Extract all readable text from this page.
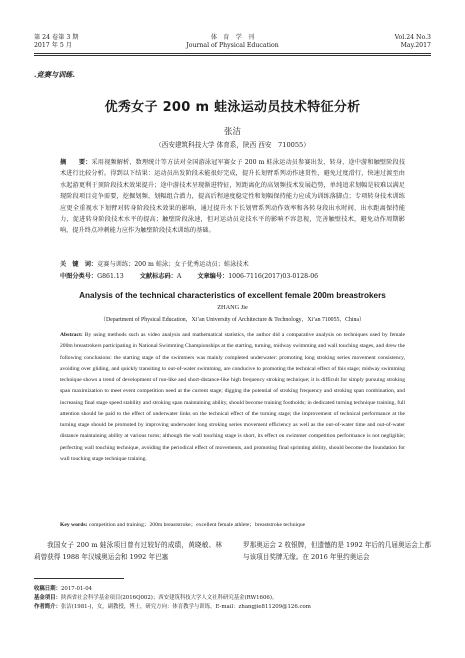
第 24 卷第 3 期
2017 年 5 月
体　育　学　刊
Journal of Physical Education
Vol.24 No.3
May.2017
.竞赛与训练.
优秀女子 200 m 蛙泳运动员技术特征分析
张洁
（西安建筑科技大学 体育系，陕西 西安　710055）
摘　　要：采用视频解析、数理统计等方法对全国游泳冠军赛女子 200 m 蛙泳运动员参赛出发、转身、途中游和触壁阶段技术进行比较分析。得到以下结果：运动员出发阶段未能很好完成，提升长划臂系列动作速贯性，避免过度滑行，快速过渡至由水起游更利于顶阶段技术效果提升；途中游技术呈现渐进特征，短距离化的高划频技术发展趋势，单纯追求划幅是较难以满足现阶段项目竞争需要，挖掘划频、划幅组合潜力，提高后程速度稳定性和划幅保持能力应成为训练落脚点；专项转身技术训练应更全重视水下划臂对转身阶段技术效果的影响，通过提升水下长划臂系列动作效率和各转身段出水时间、出水距离保持能力，促进转身阶段技术水平的提高；触壁阶段泳速，但对运动员竞技水平的影响不容忽视，完善触壁技术，避免动作周期影响，提升终点冲刺能力应作为触壁阶段技术训练的基础。
关　键　词：竞赛与训练；200 m 蛙泳；女子优秀运动员；蛙泳技术
中图分类号：G861.13	文献标志码：A	文章编号：1006-7116(2017)03-0128-06
Analysis of the technical characteristics of excellent female 200m breastrokers
ZHANG Jie
（Department of Physical Education，Xi’an University of Architecture & Technology，Xi’an 710055，China）
Abstract: By using methods such as video analysis and mathematical statistics, the author did a comparative analysis on techniques used by female 200m breastrokers participating in National Swimming Championships at the starting, turning, midway swimming and wall touching stages, and drew the following conclusions: the starting stage of the swimmers was mainly completed underwater: promoting long stroking series movement consistency, avoiding over gliding, and quickly transiting to out-of-water swimming, are conducive to promoting the technical effect of this stage; midway swimming technique shows a trend of development of run-like and short-distance-like high frequency stroking technique; it is difficult for simply pursuing stroking span maximization to meet event competition need at the current stage; digging the potential of stroking frequency and stroking span combination, and increasing final stage speed stability and stroking span maintaining ability, should become training footholds; in dedicated turning technique training, full attention should be paid to the effect of underwater links on the technical effect of the turning stage; the improvement of technical performance at the turning stage should be promoted by improving underwater long stroking series movement efficiency as well as the out-of-water time and out-of-water distance maintaining ability at various turns; although the wall touching stage is short, its effect on swimmer competition performance is not negligible; perfecting wall touching technique, avoiding the periodical effect of movements, and promoting final sprinting ability, should become the foundation for wall touching stage technique training.
Key words: competition and training；200m breaststroke；excellent female athlete；breaststroke technique
我国女子 200 m 蛙泳项目曾有过较好的成绩，黄晓敏、林莉曾获得 1988 年汉城奥运会和 1992 年巴塞
罗那奥运会 2 枚银牌，但遗憾的是 1992 年后的几届奥运会上都与该项目奖牌无缘。在 2016 年里约奥运会
收稿日期：2017-01-04
基金项目：陕西省社会科学基金项目(2016Q002)；西安建筑科技大学人文社科研究基金(RW1606)。
作者简介：张洁(1981-)，女，副教授，博士，研究方向：体育教学与训练。E-mail：zhangjie811209@126.com
